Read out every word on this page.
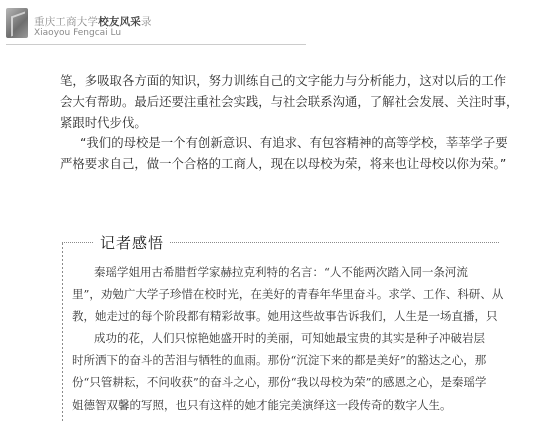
重庆工商大学校友风采录
Xiaoyou Fengcai Lu
笔，多吸取各方面的知识，努力训练自己的文字能力与分析能力，这对以后的工作
会大有帮助。最后还要注重社会实践，与社会联系沟通，了解社会发展、关注时事，
紧跟时代步伐。
“我们的母校是一个有创新意识、有追求、有包容精神的高等学校，莘莘学子要
严格要求自己，做一个合格的工商人，现在以母校为荣，将来也让母校以你为荣。”
记者感悟
秦瑶学姐用古希腊哲学家赫拉克利特的名言：“人不能两次踏入同一条河流
里”，劝勉广大学子珍惜在校时光，在美好的青春年华里奋斗。求学、工作、科研、从
教，她走过的每个阶段都有精彩故事。她用这些故事告诉我们，人生是一场直播，只
成功的花，人们只惊艳她盛开时的美丽，可知她最宝贵的其实是种子冲破岩层
时所洒下的奋斗的苦泪与牺牲的血雨。那份“沉淀下来的都是美好”的豁达之心，那
份“只管耕耘，不问收获”的奋斗之心，那份“我以母校为荣”的感恩之心，是秦瑶学
姐德智双馨的写照，也只有这样的她才能完美演绎这一段传奇的数字人生。
